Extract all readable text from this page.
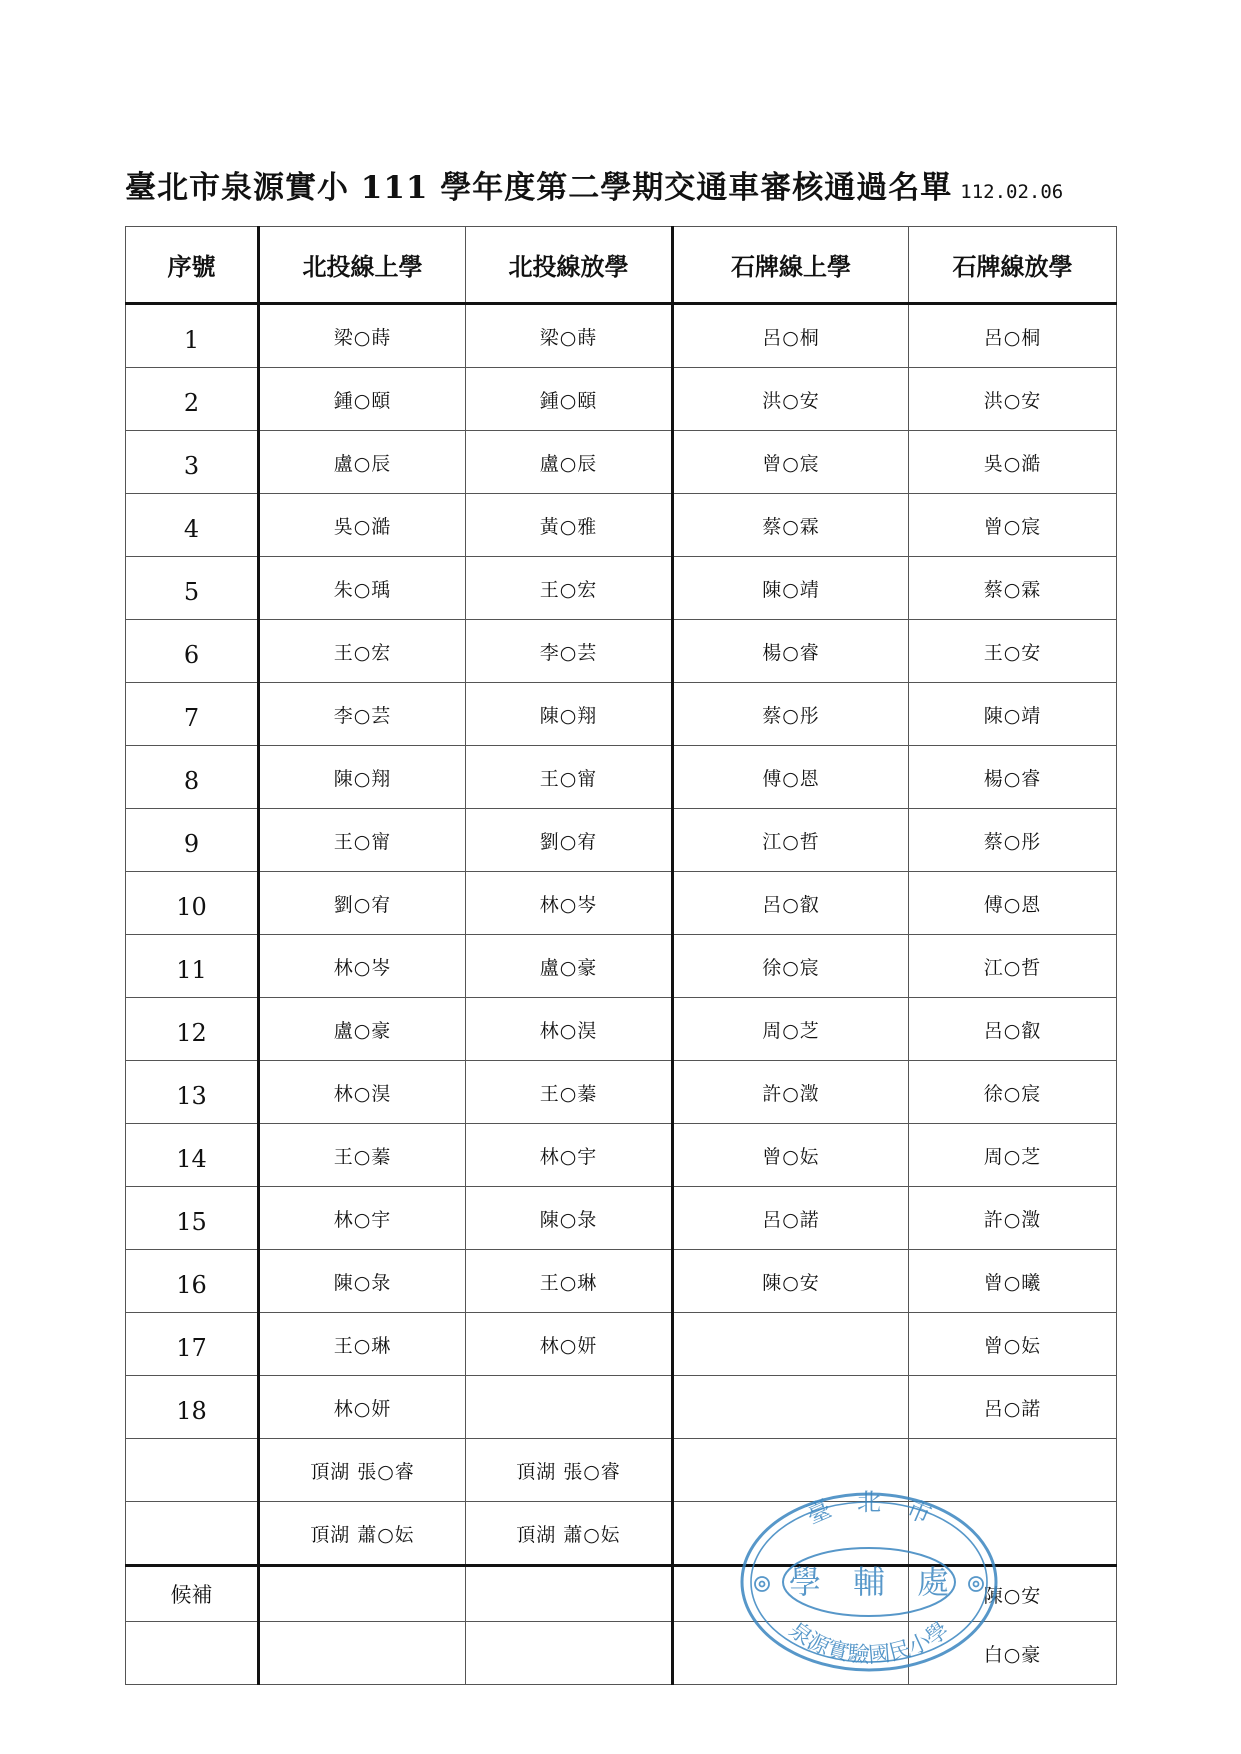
臺北市泉源實小 111 學年度第二學期交通車審核通過名單 112.02.06
序號	北投線上學	北投線放學	石牌線上學	石牌線放學
1	梁○蒔	梁○蒔	呂○桐	呂○桐
2	鍾○頤	鍾○頤	洪○安	洪○安
3	盧○辰	盧○辰	曾○宸	吳○澔
4	吳○澔	黃○雅	蔡○霖	曾○宸
5	朱○瑀	王○宏	陳○靖	蔡○霖
6	王○宏	李○芸	楊○睿	王○安
7	李○芸	陳○翔	蔡○彤	陳○靖
8	陳○翔	王○甯	傅○恩	楊○睿
9	王○甯	劉○宥	江○哲	蔡○彤
10	劉○宥	林○岑	呂○叡	傅○恩
11	林○岑	盧○豪	徐○宸	江○哲
12	盧○豪	林○淏	周○芝	呂○叡
13	林○淏	王○蓁	許○澂	徐○宸
14	王○蓁	林○宇	曾○妘	周○芝
15	林○宇	陳○彔	呂○諾	許○澂
16	陳○彔	王○琳	陳○安	曾○曦
17	王○琳	林○妍		曾○妘
18	林○妍			呂○諾
	頂湖 張○睿	頂湖 張○睿		
	頂湖 蕭○妘	頂湖 蕭○妘		
候補				陳○安
				白○豪
臺　北　市
學　輔　處
泉源實驗國民小學
